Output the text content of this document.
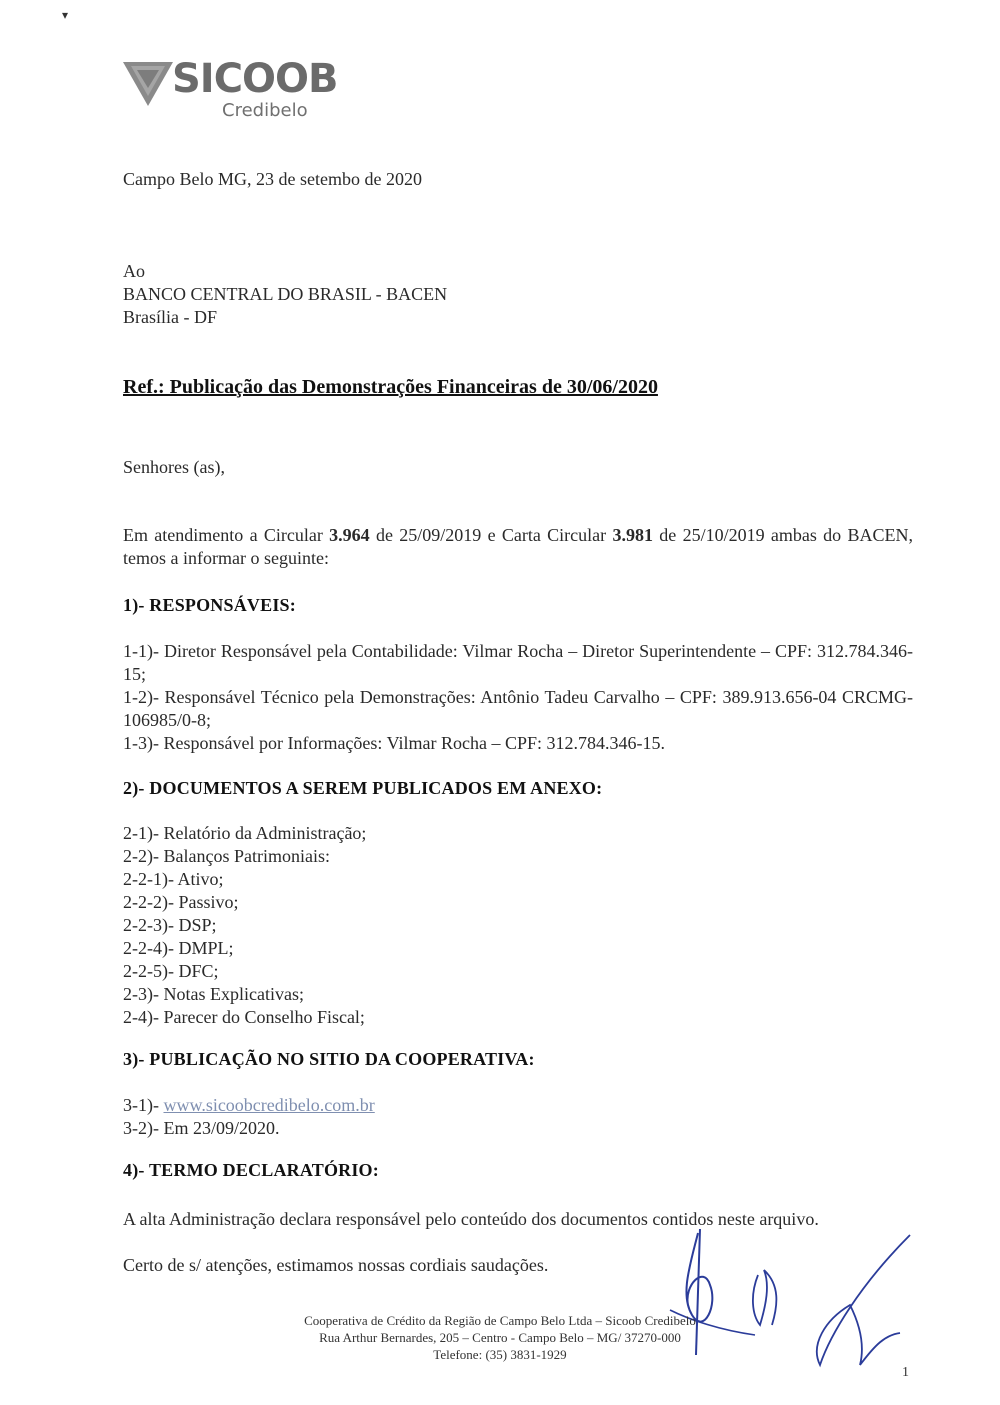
▾
SICOOB
Credibelo
Campo Belo MG, 23 de setembo de 2020
Ao
BANCO CENTRAL DO BRASIL - BACEN
Brasília - DF
Ref.: Publicação das Demonstrações Financeiras de 30/06/2020
Senhores (as),
Em atendimento a Circular 3.964 de 25/09/2019 e Carta Circular 3.981 de 25/10/2019 ambas do BACEN, temos a informar o seguinte:
1)- RESPONSÁVEIS:
1-1)- Diretor Responsável pela Contabilidade: Vilmar Rocha – Diretor Superintendente – CPF: 312.784.346-15;
1-2)- Responsável Técnico pela Demonstrações: Antônio Tadeu Carvalho – CPF: 389.913.656-04 CRCMG-106985/0-8;
1-3)- Responsável por Informações: Vilmar Rocha – CPF: 312.784.346-15.
2)- DOCUMENTOS A SEREM PUBLICADOS EM ANEXO:
2-1)- Relatório da Administração;
2-2)- Balanços Patrimoniais:
2-2-1)- Ativo;
2-2-2)- Passivo;
2-2-3)- DSP;
2-2-4)- DMPL;
2-2-5)- DFC;
2-3)- Notas Explicativas;
2-4)- Parecer do Conselho Fiscal;
3)- PUBLICAÇÃO NO SITIO DA COOPERATIVA:
3-1)- www.sicoobcredibelo.com.br
3-2)- Em 23/09/2020.
4)- TERMO DECLARATÓRIO:
A alta Administração declara responsável pelo conteúdo dos documentos contidos neste arquivo.
Certo de s/ atenções, estimamos nossas cordiais saudações.
Cooperativa de Crédito da Região de Campo Belo Ltda – Sicoob Credibelo
Rua Arthur Bernardes, 205 – Centro - Campo Belo – MG/ 37270-000
Telefone: (35) 3831-1929
1
